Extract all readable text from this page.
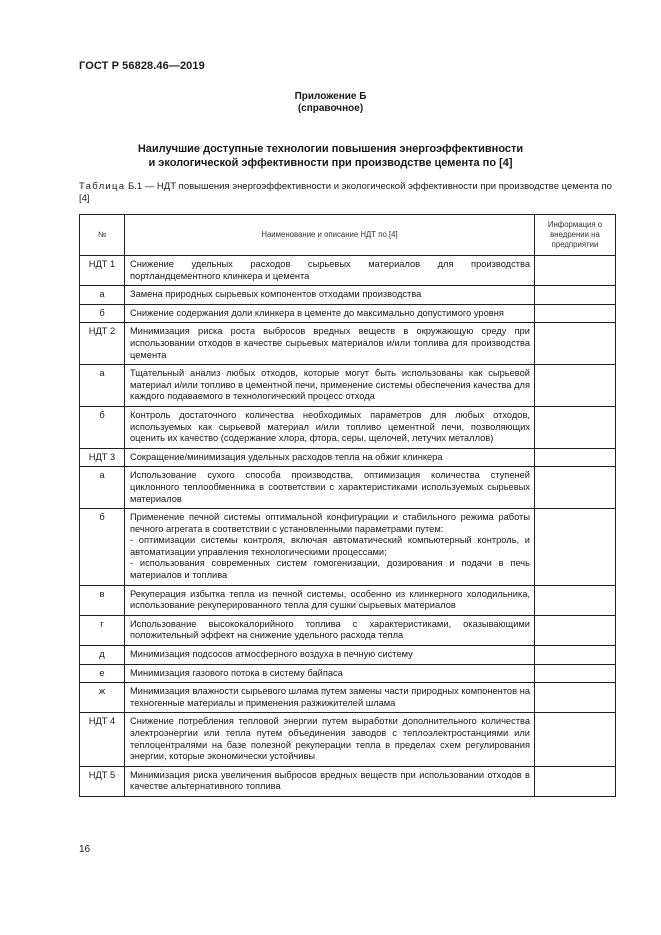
ГОСТ Р 56828.46—2019
Приложение Б
(справочное)
Наилучшие доступные технологии повышения энергоэффективности
и экологической эффективности при производстве цемента по [4]
Таблица Б.1 — НДТ повышения энергоэффективности и экологической эффективности при производстве цемента по [4]
№	Наименование и описание НДТ по [4]	Информация о внедрении на предприятии
НДТ 1	Снижение удельных расходов сырьевых материалов для производства портландцементного клинкера и цемента	
а	Замена природных сырьевых компонентов отходами производства	
б	Снижение содержания доли клинкера в цементе до максимально допустимого уровня	
НДТ 2	Минимизация риска роста выбросов вредных веществ в окружающую среду при использовании отходов в качестве сырьевых материалов и/или топлива для производства цемента	
а	Тщательный анализ любых отходов, которые могут быть использованы как сырьевой материал и/или топливо в цементной печи, применение системы обеспечения качества для каждого подаваемого в технологический процесс отхода	
б	Контроль достаточного количества необходимых параметров для любых отходов, используемых как сырьевой материал и/или топливо цементной печи, позволяющих оценить их качество (содержание хлора, фтора, серы, щелочей, летучих металлов)	
НДТ 3	Сокращение/минимизация удельных расходов тепла на обжиг клинкера	
а	Использование сухого способа производства, оптимизация количества ступеней циклонного теплообменника в соответствии с характеристиками используемых сырьевых материалов	
б	Применение печной системы оптимальной конфигурации и стабильного режима работы печного агрегата в соответствии с установленными параметрами путем:
- оптимизации системы контроля, включая автоматический компьютерный контроль, и автоматизации управления технологическими процессами;
- использования современных систем гомогенизации, дозирования и подачи в печь материалов и топлива	
в	Рекуперация избытка тепла из печной системы, особенно из клинкерного холодильника, использование рекуперированного тепла для сушки сырьевых материалов	
г	Использование высококалорийного топлива с характеристиками, оказывающими положительный эффект на снижение удельного расхода тепла	
д	Минимизация подсосов атмосферного воздуха в печную систему	
е	Минимизация газового потока в систему байпаса	
ж	Минимизация влажности сырьевого шлама путем замены части природных компонентов на техногенные материалы и применения разжижителей шлама	
НДТ 4	Снижение потребления тепловой энергии путем выработки дополнительного количества электроэнергии или тепла путем объединения заводов с теплоэлектростанциями или теплоцентралями на базе полезной рекуперации тепла в пределах схем регулирования энергии, которые экономически устойчивы	
НДТ 5	Минимизация риска увеличения выбросов вредных веществ при использовании отходов в качестве альтернативного топлива	
16
